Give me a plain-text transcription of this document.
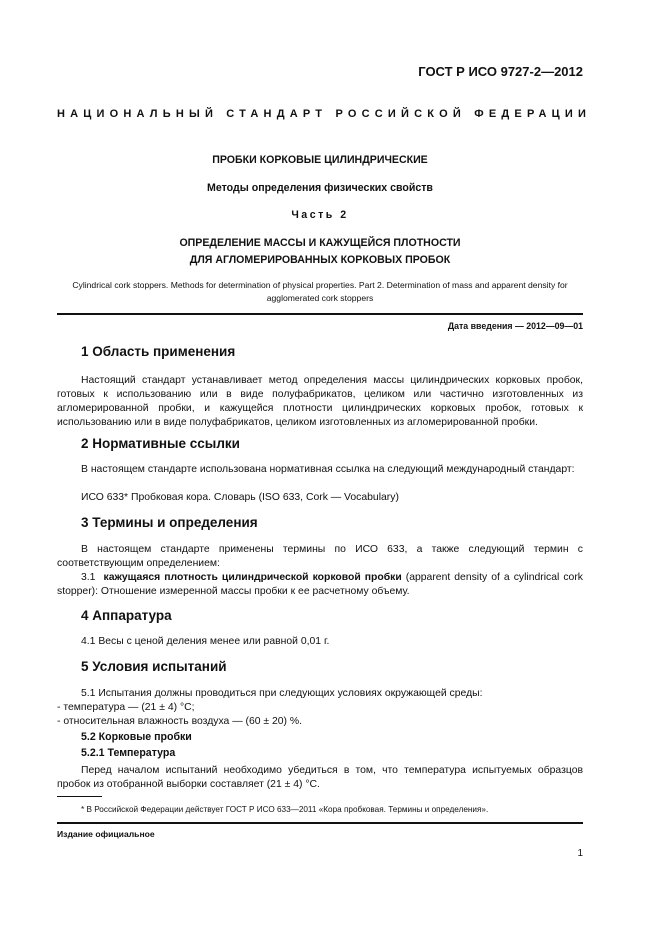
ГОСТ Р ИСО 9727-2—2012
НАЦИОНАЛЬНЫЙ СТАНДАРТ РОССИЙСКОЙ ФЕДЕРАЦИИ
ПРОБКИ КОРКОВЫЕ ЦИЛИНДРИЧЕСКИЕ
Методы определения физических свойств
Часть 2
ОПРЕДЕЛЕНИЕ МАССЫ И КАЖУЩЕЙСЯ ПЛОТНОСТИ
ДЛЯ АГЛОМЕРИРОВАННЫХ КОРКОВЫХ ПРОБОК
Cylindrical cork stoppers. Methods for determination of physical properties. Part 2. Determination of mass and apparent density for agglomerated cork stoppers
Дата введения — 2012—09—01
1 Область применения
Настоящий стандарт устанавливает метод определения массы цилиндрических корковых пробок, готовых к использованию или в виде полуфабрикатов, целиком или частично изготовленных из агломерированной пробки, и кажущейся плотности цилиндрических корковых пробок, готовых к использованию или в виде полуфабрикатов, целиком изготовленных из агломерированной пробки.
2 Нормативные ссылки
В настоящем стандарте использована нормативная ссылка на следующий международный стандарт:
ИСО 633* Пробковая кора. Словарь (ISO 633, Cork — Vocabulary)
3 Термины и определения
В настоящем стандарте применены термины по ИСО 633, а также следующий термин с соответствующим определением:
3.1 кажущаяся плотность цилиндрической корковой пробки (apparent density of a cylindrical cork stopper): Отношение измеренной массы пробки к ее расчетному объему.
4 Аппаратура
4.1 Весы с ценой деления менее или равной 0,01 г.
5 Условия испытаний
5.1 Испытания должны проводиться при следующих условиях окружающей среды:
- температура — (21 ± 4) °С;
- относительная влажность воздуха — (60 ± 20) %.
5.2 Корковые пробки
5.2.1 Температура
Перед началом испытаний необходимо убедиться в том, что температура испытуемых образцов пробок из отобранной выборки составляет (21 ± 4) °С.
* В Российской Федерации действует ГОСТ Р ИСО 633—2011 «Кора пробковая. Термины и определения».
Издание официальное
1
